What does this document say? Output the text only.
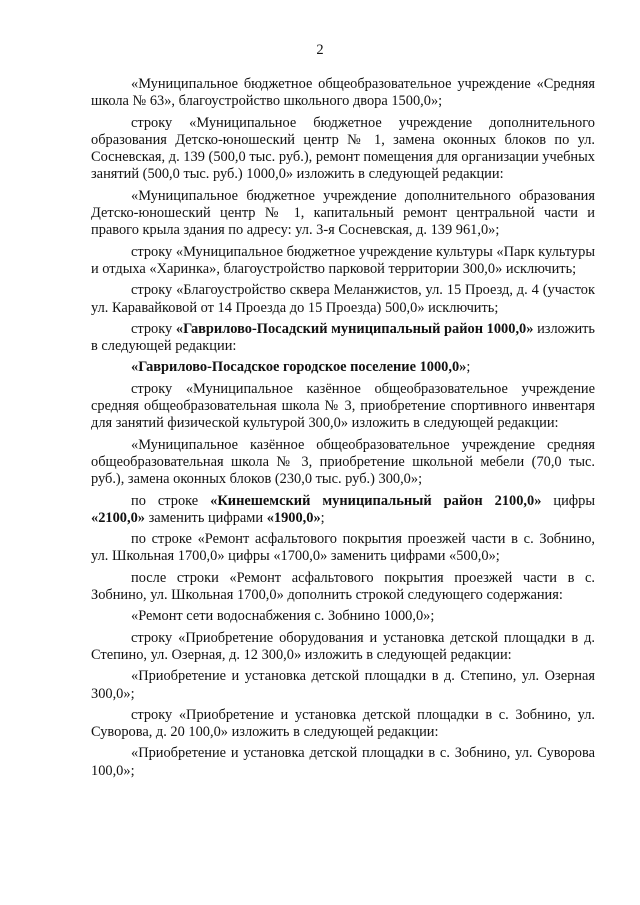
2

«Муниципальное бюджетное общеобразовательное учреждение «Средняя школа № 63», благоустройство школьного двора 1500,0»;

строку «Муниципальное бюджетное учреждение дополнительного образования Детско-юношеский центр № 1, замена оконных блоков по ул. Сосневская, д. 139 (500,0 тыс. руб.), ремонт помещения для организации учебных занятий (500,0 тыс. руб.) 1000,0» изложить в следующей редакции:

«Муниципальное бюджетное учреждение дополнительного образования Детско-юношеский центр № 1, капитальный ремонт центральной части и правого крыла здания по адресу: ул. 3-я Сосневская, д. 139 961,0»;

строку «Муниципальное бюджетное учреждение культуры «Парк культуры и отдыха «Харинка», благоустройство парковой территории 300,0» исключить;

строку «Благоустройство сквера Меланжистов, ул. 15 Проезд, д. 4 (участок ул. Каравайковой от 14 Проезда до 15 Проезда) 500,0» исключить;

строку «Гаврилово-Посадский муниципальный район 1000,0» изложить в следующей редакции:

«Гаврилово-Посадское городское поселение 1000,0»;

строку «Муниципальное казённое общеобразовательное учреждение средняя общеобразовательная школа № 3, приобретение спортивного инвентаря для занятий физической культурой 300,0» изложить в следующей редакции:

«Муниципальное казённое общеобразовательное учреждение средняя общеобразовательная школа № 3, приобретение школьной мебели (70,0 тыс. руб.), замена оконных блоков (230,0 тыс. руб.) 300,0»;

по строке «Кинешемский муниципальный район 2100,0» цифры «2100,0» заменить цифрами «1900,0»;

по строке «Ремонт асфальтового покрытия проезжей части в с. Зобнино, ул. Школьная 1700,0» цифры «1700,0» заменить цифрами «500,0»;

после строки «Ремонт асфальтового покрытия проезжей части в с. Зобнино, ул. Школьная 1700,0» дополнить строкой следующего содержания:

«Ремонт сети водоснабжения с. Зобнино 1000,0»;

строку «Приобретение оборудования и установка детской площадки в д. Степино, ул. Озерная, д. 12 300,0» изложить в следующей редакции:

«Приобретение и установка детской площадки в д. Степино, ул. Озерная 300,0»;

строку «Приобретение и установка детской площадки в с. Зобнино, ул. Суворова, д. 20 100,0» изложить в следующей редакции:

«Приобретение и установка детской площадки в с. Зобнино, ул. Суворова 100,0»;
